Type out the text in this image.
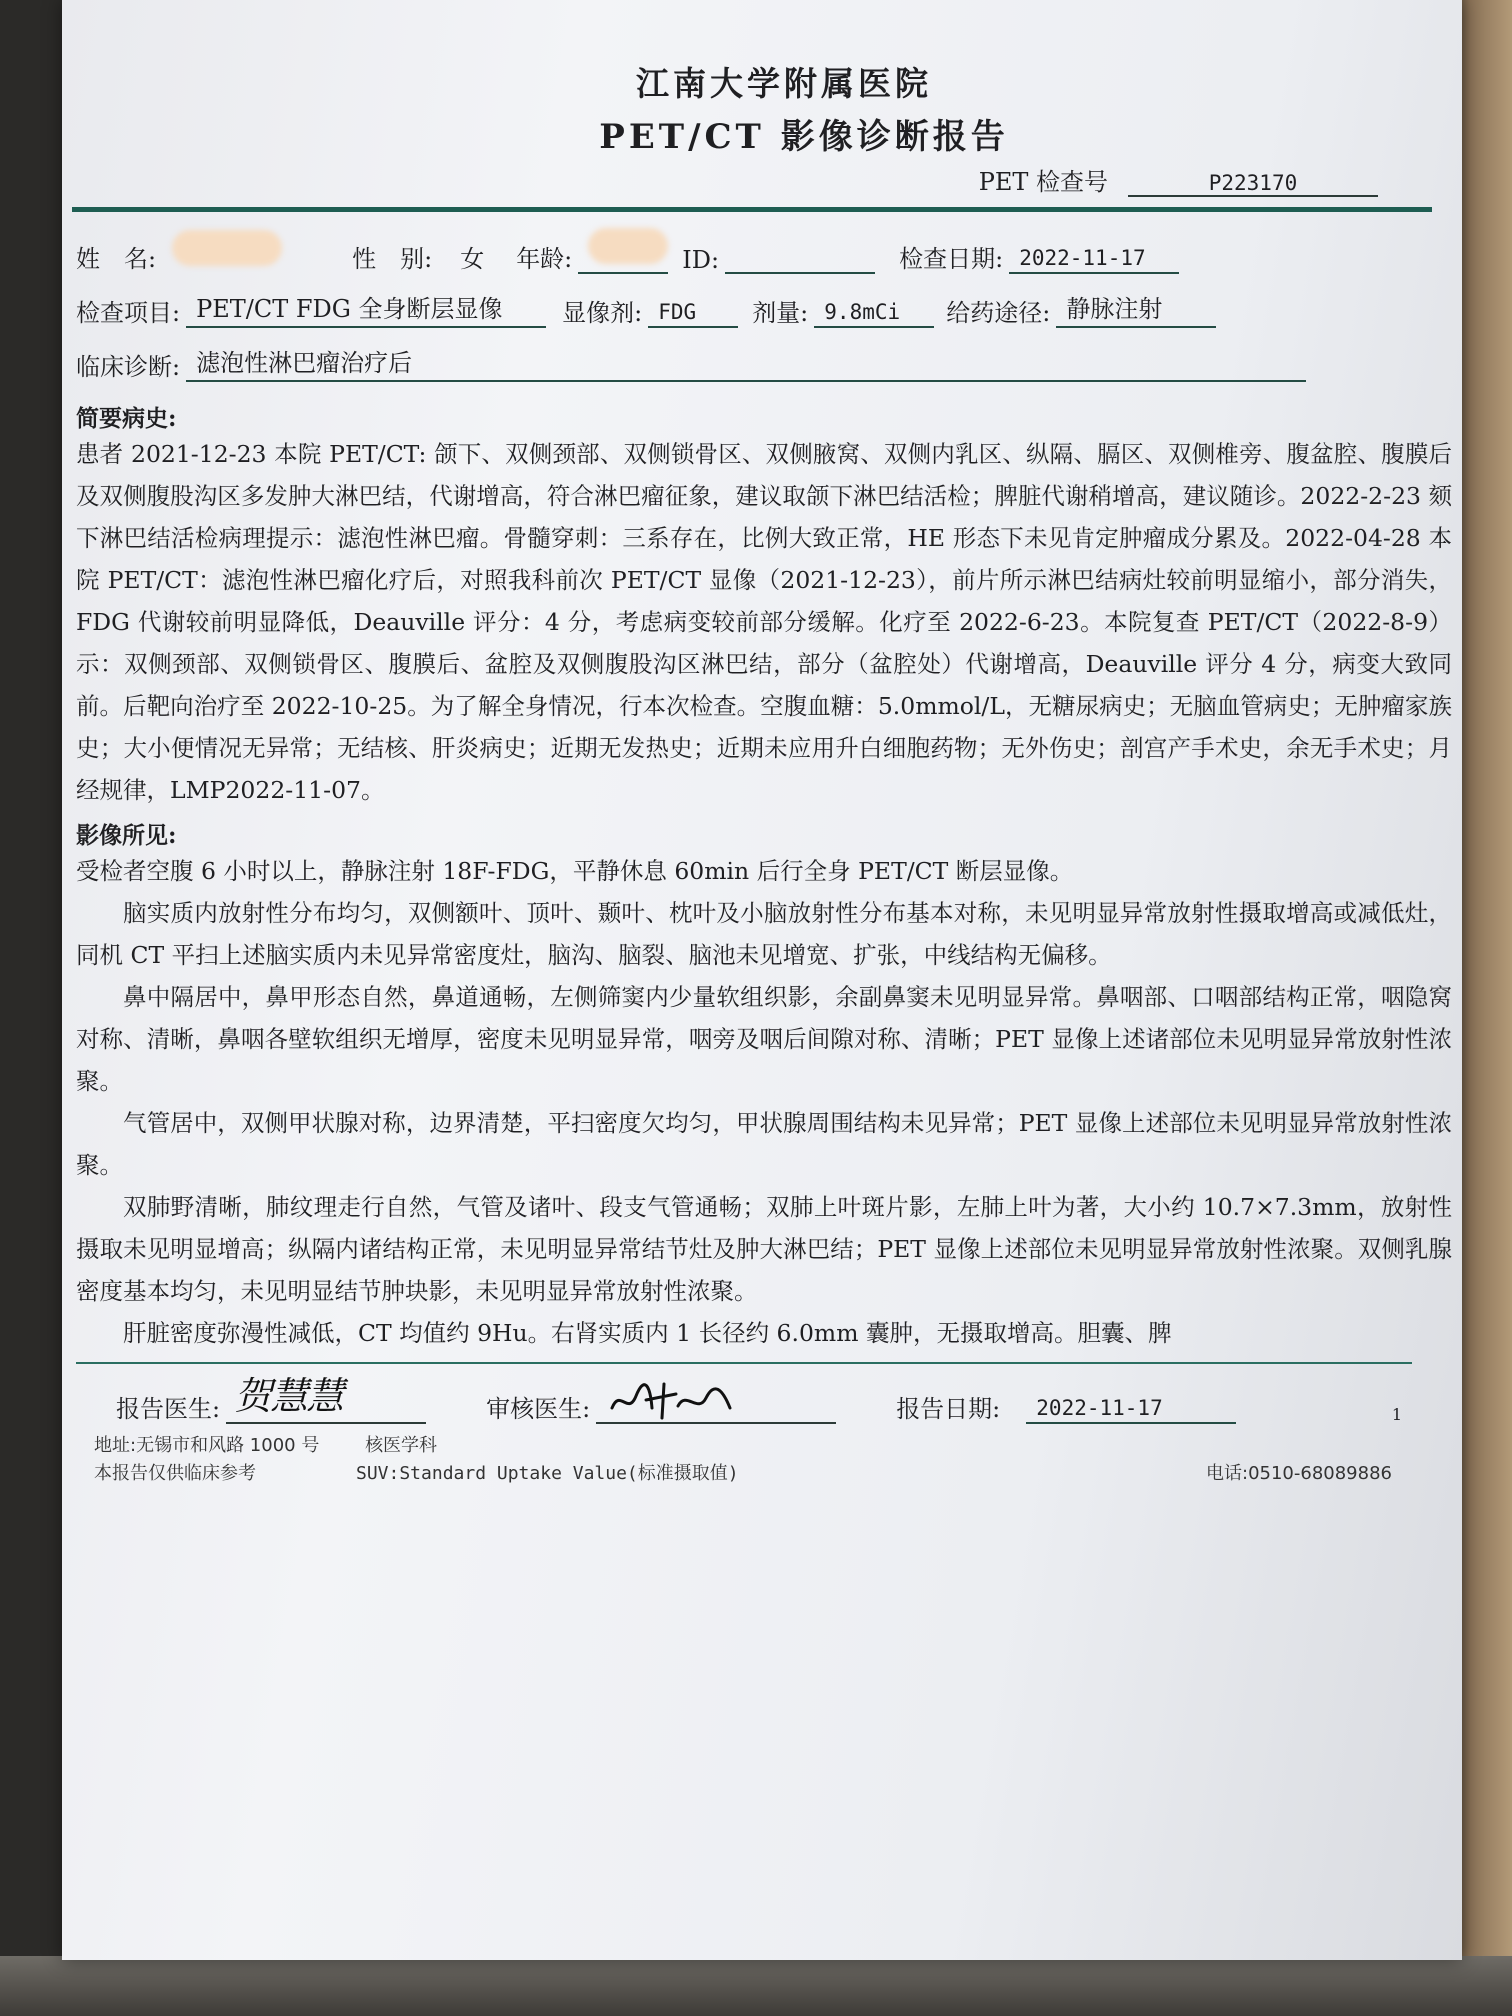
江南大学附属医院
PET/CT 影像诊断报告
PET 检查号	P223170
姓　名:	性　别:	女	年龄:	ID:	检查日期: 2022-11-17
检查项目: PET/CT FDG 全身断层显像	显像剂: FDG	剂量: 9.8mCi	给药途径: 静脉注射
临床诊断: 滤泡性淋巴瘤治疗后
简要病史:

患者 2021-12-23 本院 PET/CT: 颌下、双侧颈部、双侧锁骨区、双侧腋窝、双侧内乳区、纵隔、膈区、双侧椎旁、腹盆腔、腹膜后及双侧腹股沟区多发肿大淋巴结，代谢增高，符合淋巴瘤征象，建议取颌下淋巴结活检；脾脏代谢稍增高，建议随诊。2022-2-23 颏下淋巴结活检病理提示：滤泡性淋巴瘤。骨髓穿刺：三系存在，比例大致正常，HE 形态下未见肯定肿瘤成分累及。2022-04-28 本院 PET/CT：滤泡性淋巴瘤化疗后，对照我科前次 PET/CT 显像（2021-12-23），前片所示淋巴结病灶较前明显缩小，部分消失，FDG 代谢较前明显降低，Deauville 评分：4 分，考虑病变较前部分缓解。化疗至 2022-6-23。本院复查 PET/CT（2022-8-9）示：双侧颈部、双侧锁骨区、腹膜后、盆腔及双侧腹股沟区淋巴结，部分（盆腔处）代谢增高，Deauville 评分 4 分，病变大致同前。后靶向治疗至 2022-10-25。为了解全身情况，行本次检查。空腹血糖：5.0mmol/L，无糖尿病史；无脑血管病史；无肿瘤家族史；大小便情况无异常；无结核、肝炎病史；近期无发热史；近期未应用升白细胞药物；无外伤史；剖宫产手术史，余无手术史；月经规律，LMP2022-11-07。

影像所见:

受检者空腹 6 小时以上，静脉注射 18F-FDG，平静休息 60min 后行全身 PET/CT 断层显像。

脑实质内放射性分布均匀，双侧额叶、顶叶、颞叶、枕叶及小脑放射性分布基本对称，未见明显异常放射性摄取增高或减低灶，同机 CT 平扫上述脑实质内未见异常密度灶，脑沟、脑裂、脑池未见增宽、扩张，中线结构无偏移。

鼻中隔居中，鼻甲形态自然，鼻道通畅，左侧筛窦内少量软组织影，余副鼻窦未见明显异常。鼻咽部、口咽部结构正常，咽隐窝对称、清晰，鼻咽各壁软组织无增厚，密度未见明显异常，咽旁及咽后间隙对称、清晰；PET 显像上述诸部位未见明显异常放射性浓聚。

气管居中，双侧甲状腺对称，边界清楚，平扫密度欠均匀，甲状腺周围结构未见异常；PET 显像上述部位未见明显异常放射性浓聚。

双肺野清晰，肺纹理走行自然，气管及诸叶、段支气管通畅；双肺上叶斑片影，左肺上叶为著，大小约 10.7×7.3mm，放射性摄取未见明显增高；纵隔内诸结构正常，未见明显异常结节灶及肿大淋巴结；PET 显像上述部位未见明显异常放射性浓聚。双侧乳腺密度基本均匀，未见明显结节肿块影，未见明显异常放射性浓聚。

肝脏密度弥漫性减低，CT 均值约 9Hu。右肾实质内 1 长径约 6.0mm 囊肿，无摄取增高。胆囊、脾

报告医生: 贺慧慧	审核医生:	报告日期:	2022-11-17	1
地址:无锡市和风路 1000 号	核医学科
本报告仅供临床参考	SUV:Standard Uptake Value(标准摄取值)	电话:0510-68089886
